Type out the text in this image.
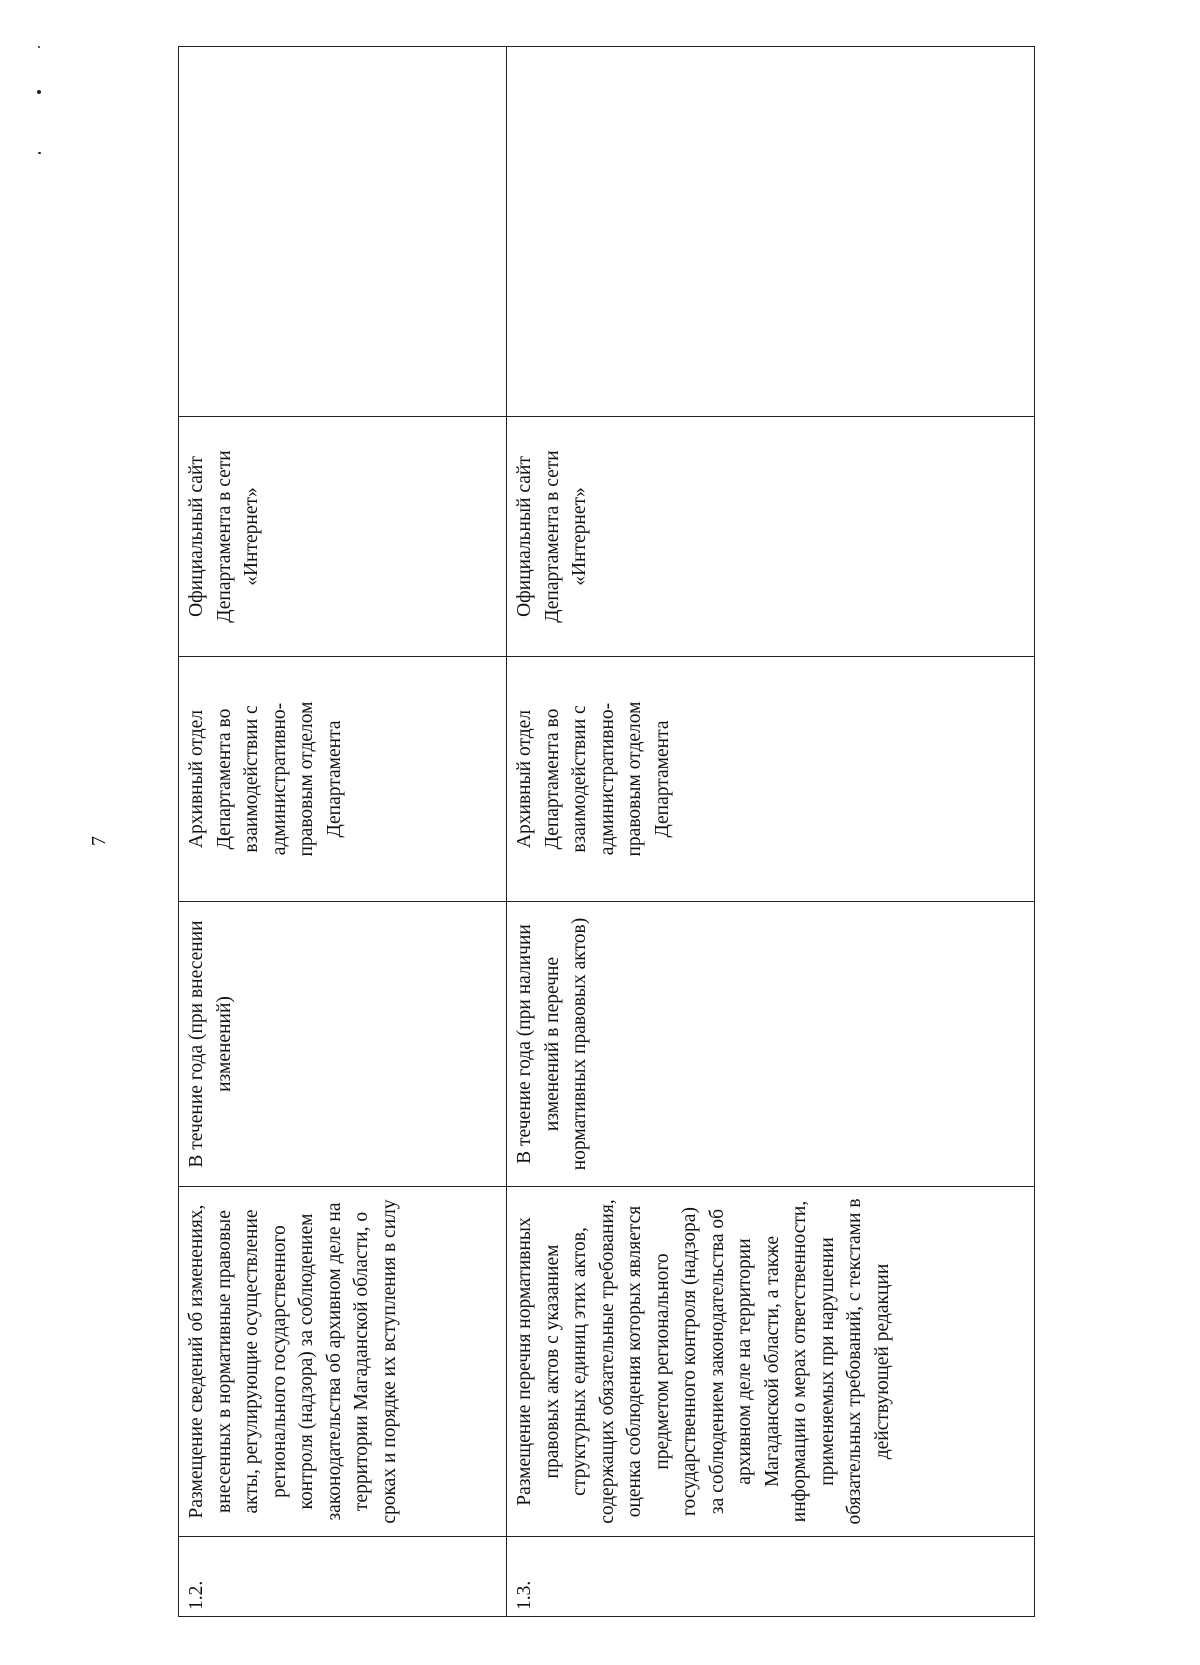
7
1.2.	Размещение сведений об изменениях, внесенных в нормативные правовые акты, регулирующие осуществление регионального государственного контроля (надзора) за соблюдением законодательства об архивном деле на территории Магаданской области, о сроках и порядке их вступления в силу	В течение года (при внесении изменений)	Архивный отдел Департамента во взаимодействии с административно-правовым отделом Департамента	Официальный сайт Департамента в сети «Интернет»	
1.3.	Размещение перечня нормативных правовых актов с указанием структурных единиц этих актов, содержащих обязательные требования, оценка соблюдения которых является предметом регионального государственного контроля (надзора) за соблюдением законодательства об архивном деле на территории Магаданской области, а также информации о мерах ответственности, применяемых при нарушении обязательных требований, с текстами в действующей редакции	В течение года (при наличии изменений в перечне нормативных правовых актов)	Архивный отдел Департамента во взаимодействии с административно-правовым отделом Департамента	Официальный сайт Департамента в сети «Интернет»	
